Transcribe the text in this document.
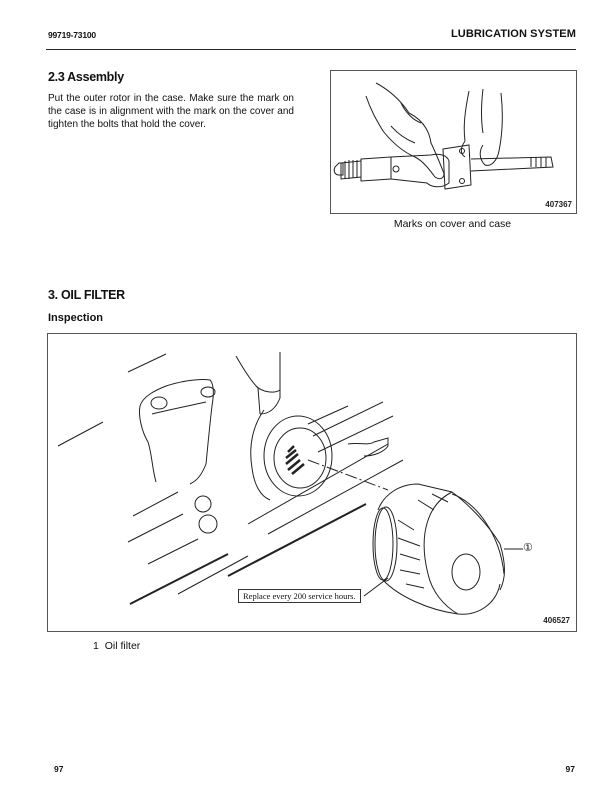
99719-73100	LUBRICATION SYSTEM
2.3 Assembly
Put the outer rotor in the case. Make sure the mark on the case is in alignment with the mark on the cover and tighten the bolts that hold the cover.
407367
Marks on cover and case
3. OIL FILTER
Inspection
①
Replace every 200 service hours.
406527
1 Oil filter
97	97
